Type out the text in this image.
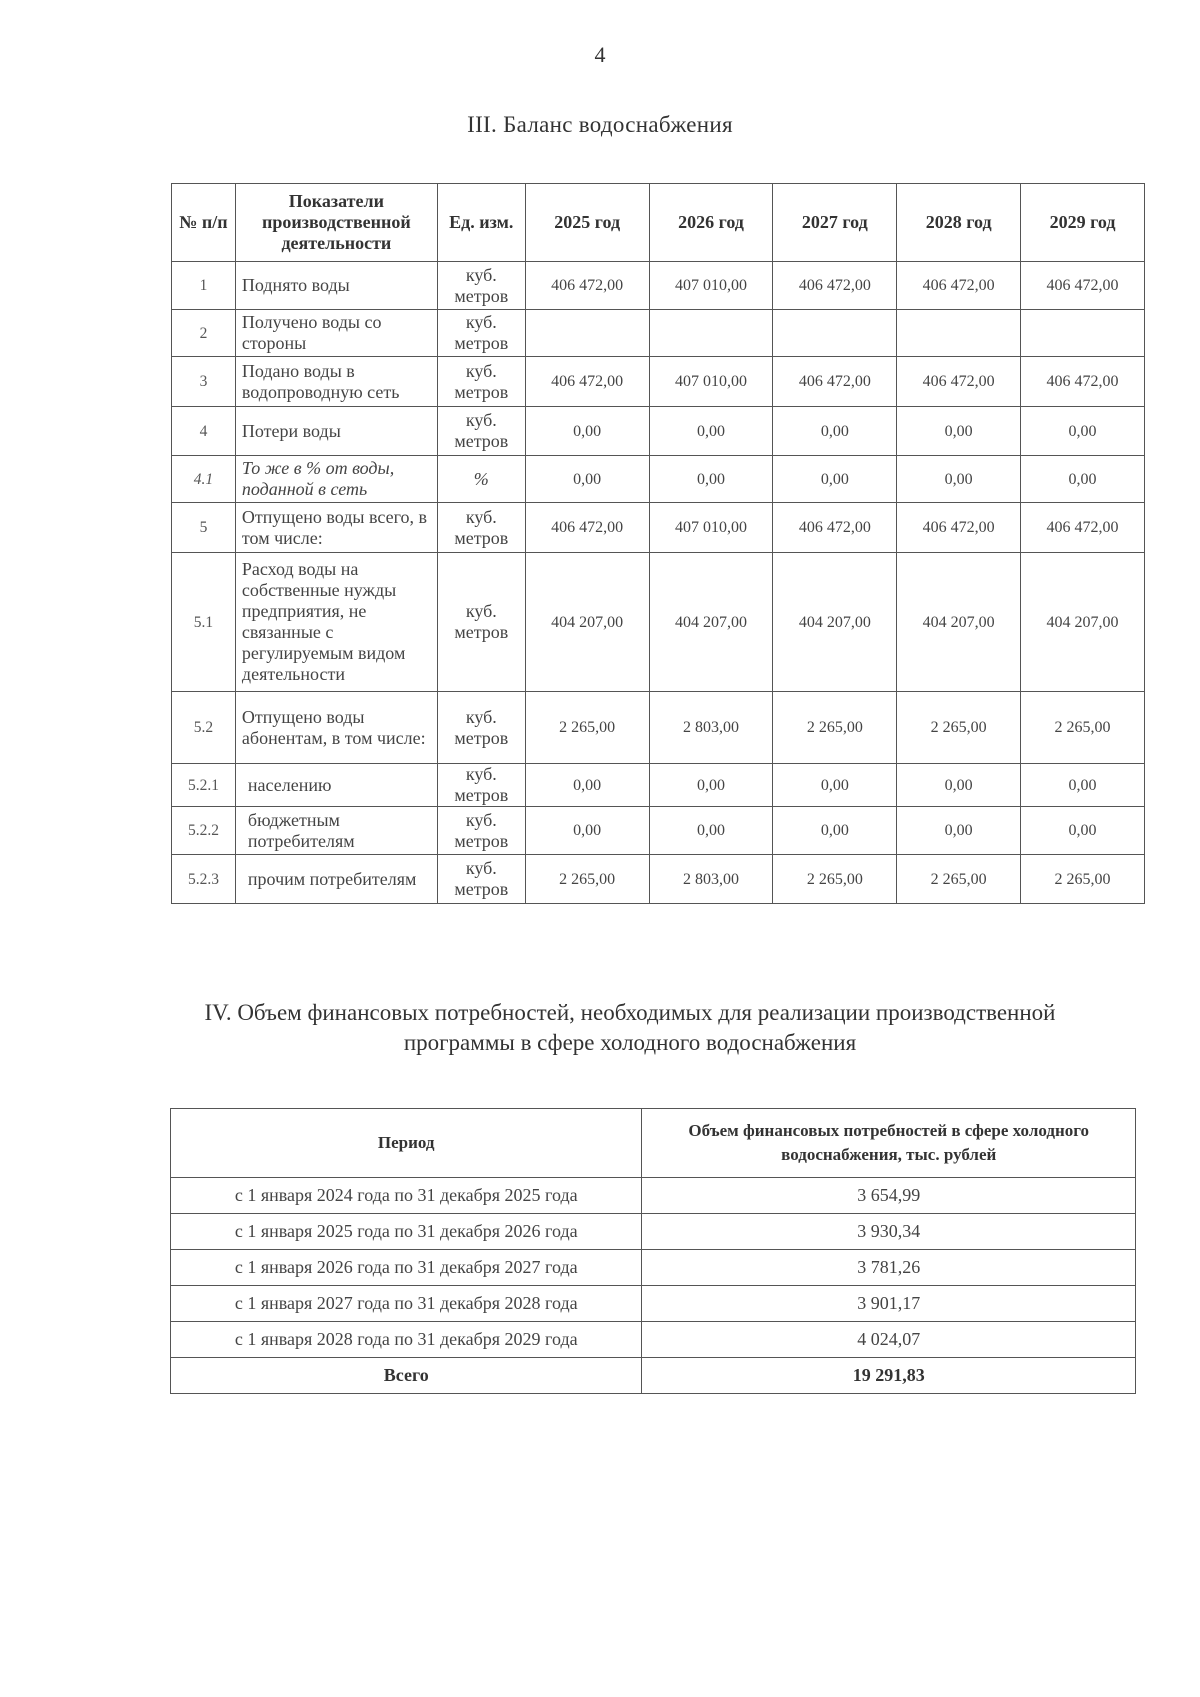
4
III. Баланс водоснабжения
№ п/п	Показатели производственной деятельности	Ед. изм.	2025 год	2026 год	2027 год	2028 год	2029 год
1	Поднято воды	куб. метров	406 472,00	407 010,00	406 472,00	406 472,00	406 472,00
2	Получено воды со стороны	куб. метров					
3	Подано воды в водопроводную сеть	куб. метров	406 472,00	407 010,00	406 472,00	406 472,00	406 472,00
4	Потери воды	куб. метров	0,00	0,00	0,00	0,00	0,00
4.1	То же в % от воды, поданной в сеть	%	0,00	0,00	0,00	0,00	0,00
5	Отпущено воды всего, в том числе:	куб. метров	406 472,00	407 010,00	406 472,00	406 472,00	406 472,00
5.1	Расход воды на собственные нужды предприятия, не связанные с регулируемым видом деятельности	куб. метров	404 207,00	404 207,00	404 207,00	404 207,00	404 207,00
5.2	Отпущено воды абонентам, в том числе:	куб. метров	2 265,00	2 803,00	2 265,00	2 265,00	2 265,00
5.2.1	населению	куб. метров	0,00	0,00	0,00	0,00	0,00
5.2.2	бюджетным потребителям	куб. метров	0,00	0,00	0,00	0,00	0,00
5.2.3	прочим потребителям	куб. метров	2 265,00	2 803,00	2 265,00	2 265,00	2 265,00
IV. Объем финансовых потребностей, необходимых для реализации производственной программы в сфере холодного водоснабжения
Период	Объем финансовых потребностей в сфере холодного водоснабжения, тыс. рублей
с 1 января 2024 года по 31 декабря 2025 года	3 654,99
с 1 января 2025 года по 31 декабря 2026 года	3 930,34
с 1 января 2026 года по 31 декабря 2027 года	3 781,26
с 1 января 2027 года по 31 декабря 2028 года	3 901,17
с 1 января 2028 года по 31 декабря 2029 года	4 024,07
Всего	19 291,83
